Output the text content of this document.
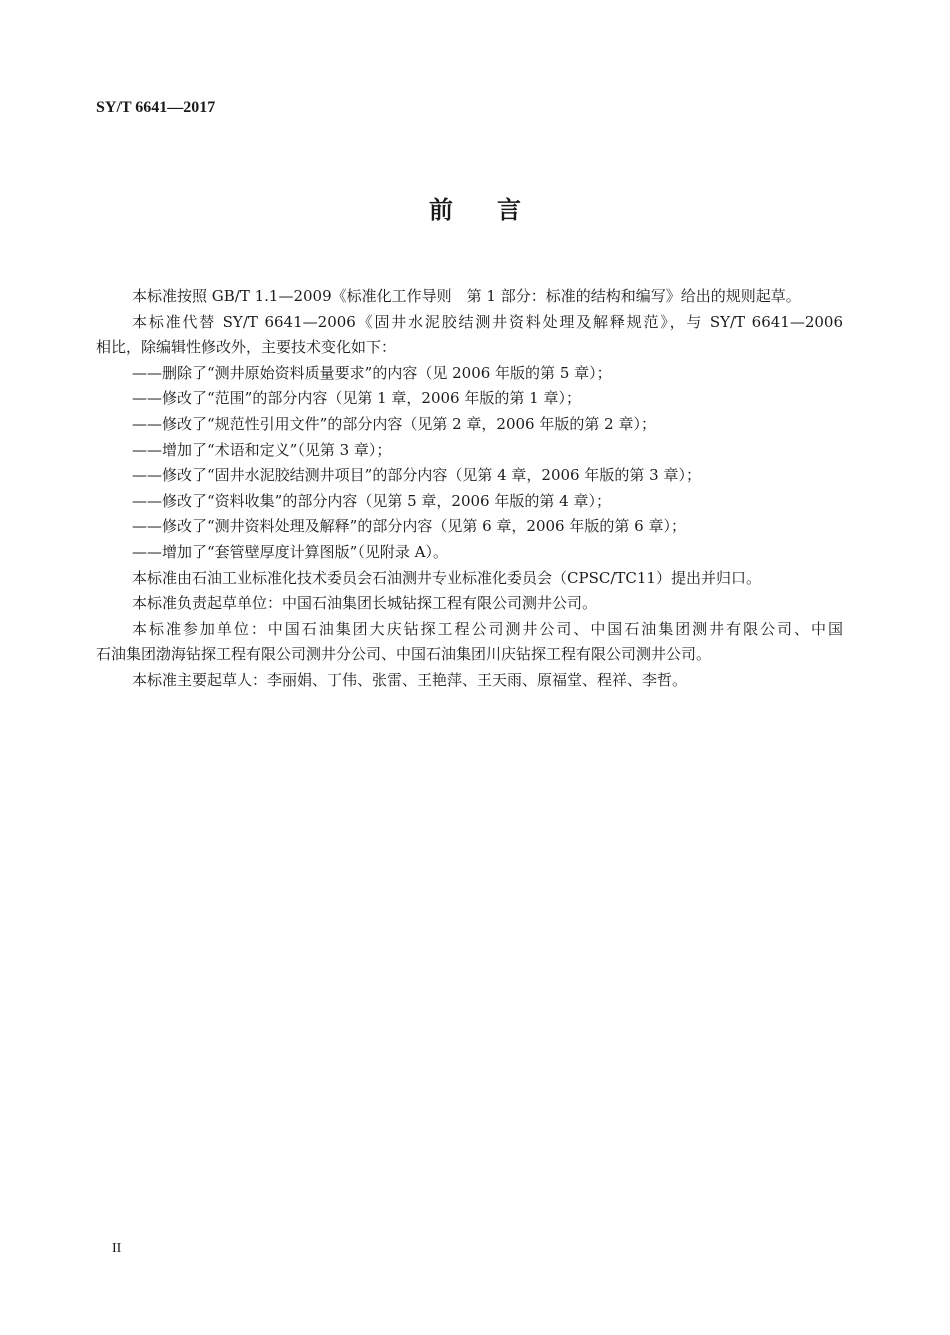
SY/T 6641—2017
前言
本标准按照 GB/T 1.1—2009《标准化工作导则　第 1 部分：标准的结构和编写》给出的规则起草。
本标准代替 SY/T 6641—2006《固井水泥胶结测井资料处理及解释规范》，与 SY/T 6641—2006
相比，除编辑性修改外，主要技术变化如下：
——删除了“测井原始资料质量要求”的内容（见 2006 年版的第 5 章）；
——修改了“范围”的部分内容（见第 1 章，2006 年版的第 1 章）；
——修改了“规范性引用文件”的部分内容（见第 2 章，2006 年版的第 2 章）；
——增加了“术语和定义”（见第 3 章）；
——修改了“固井水泥胶结测井项目”的部分内容（见第 4 章，2006 年版的第 3 章）；
——修改了“资料收集”的部分内容（见第 5 章，2006 年版的第 4 章）；
——修改了“测井资料处理及解释”的部分内容（见第 6 章，2006 年版的第 6 章）；
——增加了“套管壁厚度计算图版”（见附录 A）。
本标准由石油工业标准化技术委员会石油测井专业标准化委员会（CPSC/TC11）提出并归口。
本标准负责起草单位：中国石油集团长城钻探工程有限公司测井公司。
本标准参加单位：中国石油集团大庆钻探工程公司测井公司、中国石油集团测井有限公司、中国
石油集团渤海钻探工程有限公司测井分公司、中国石油集团川庆钻探工程有限公司测井公司。
本标准主要起草人：李丽娟、丁伟、张雷、王艳萍、王天雨、原福堂、程祥、李哲。
II
